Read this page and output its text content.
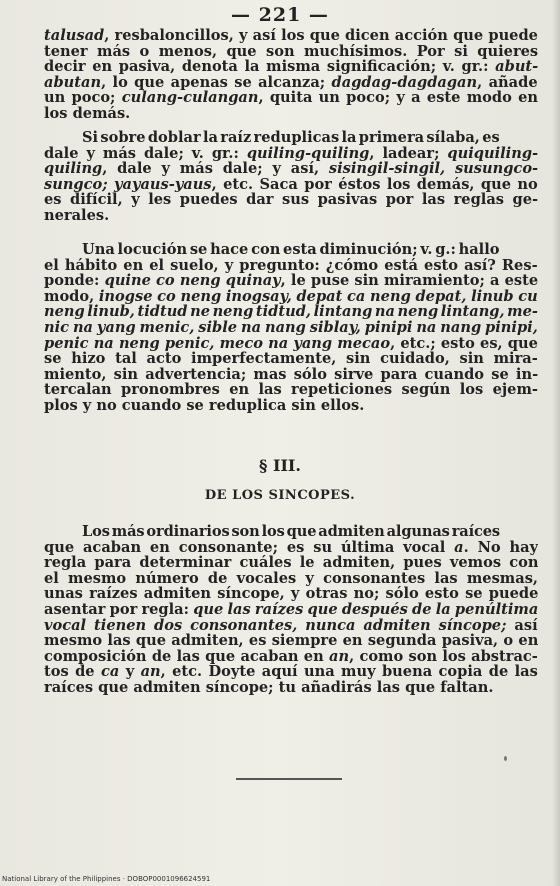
— 221 —

talusad, resbaloncillos, y así los que dicen acción que puede
tener más o menos, que son muchísimos. Por si quieres
decir en pasiva, denota la misma significación; v. gr.: abut-
abutan, lo que apenas se alcanza; dagdag-dagdagan, añade
un poco; culang-culangan, quita un poco; y a este modo en
los demás.
Si sobre doblar la raíz reduplicas la primera sílaba, es
dale y más dale; v. gr.: quiling-quiling, ladear; quiquiling-
quiling, dale y más dale; y así, sisingil-singil, susungco-
sungco; yayaus-yaus, etc. Saca por éstos los demás, que no
es difícil, y les puedes dar sus pasivas por las reglas ge-
nerales.
Una locución se hace con esta diminución; v. g.: hallo
el hábito en el suelo, y pregunto: ¿cómo está esto así? Res-
ponde: quine co neng quinay, le puse sin miramiento; a este
modo, inogse co neng inogsay, depat ca neng depat, linub cu
neng linub, tidtud ne neng tidtud, lintang na neng lintang, me-
nic na yang menic, sible na nang siblay, pinipi na nang pinipi,
penic na neng penic, meco na yang mecao, etc.; esto es, que
se hizo tal acto imperfectamente, sin cuidado, sin mira-
miento, sin advertencia; mas sólo sirve para cuando se in-
tercalan pronombres en las repeticiones según los ejem-
plos y no cuando se reduplica sin ellos.

§ III.

DE LOS SINCOPES.

Los más ordinarios son los que admiten algunas raíces
que acaban en consonante; es su última vocal a. No hay
regla para determinar cuáles le admiten, pues vemos con
el mesmo número de vocales y consonantes las mesmas,
unas raízes admiten síncope, y otras no; sólo esto se puede
asentar por regla: que las raízes que después de la penúltima
vocal tienen dos consonantes, nunca admiten síncope; así
mesmo las que admiten, es siempre en segunda pasiva, o en
composición de las que acaban en an, como son los abstrac-
tos de ca y an, etc. Doyte aquí una muy buena copia de las
raíces que admiten síncope; tu añadirás las que faltan.

National Library of the Philippines · DOBOP0001096624591
